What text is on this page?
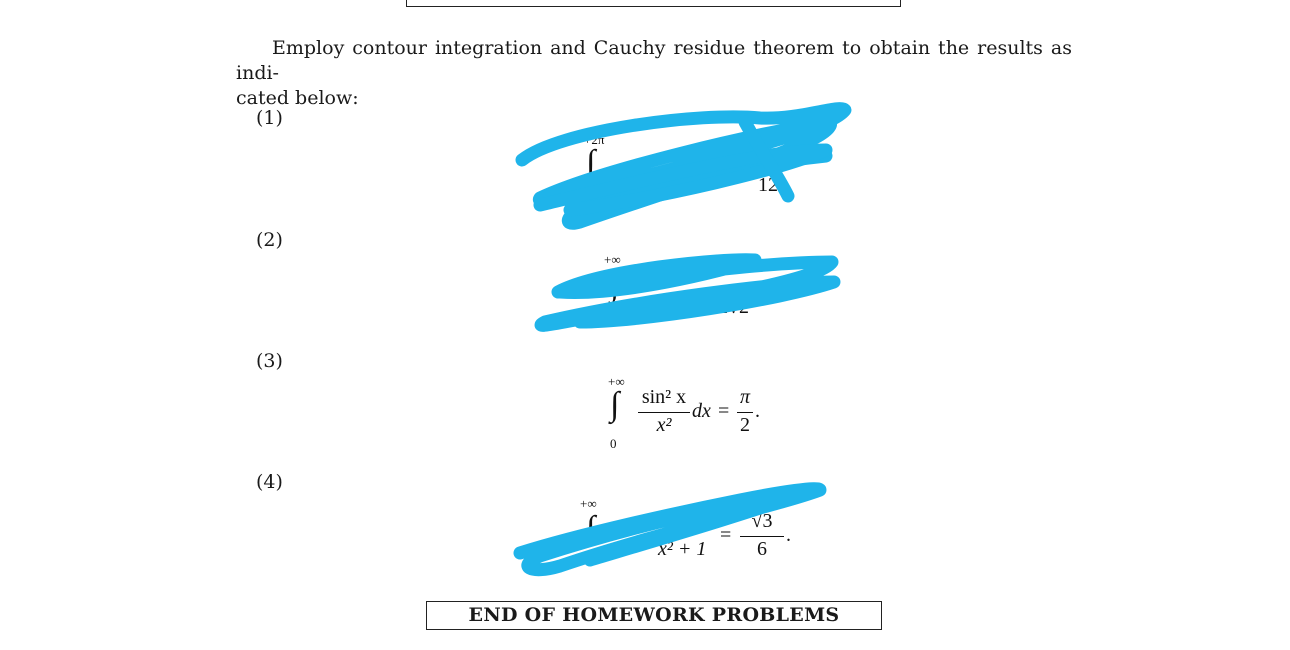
Employ contour integration and Cauchy residue theorem to obtain the results as indi-
cated below:
(1)
(2)
(3)
(4)
+2π
∫
5 −	12
+∞
∫
0
dx
+ 1 2√2
+∞
∫
0
sin² x
x²
dx =
π
2
.
+∞
∫
x² + 1
=
√3
6
.
END OF HOMEWORK PROBLEMS
